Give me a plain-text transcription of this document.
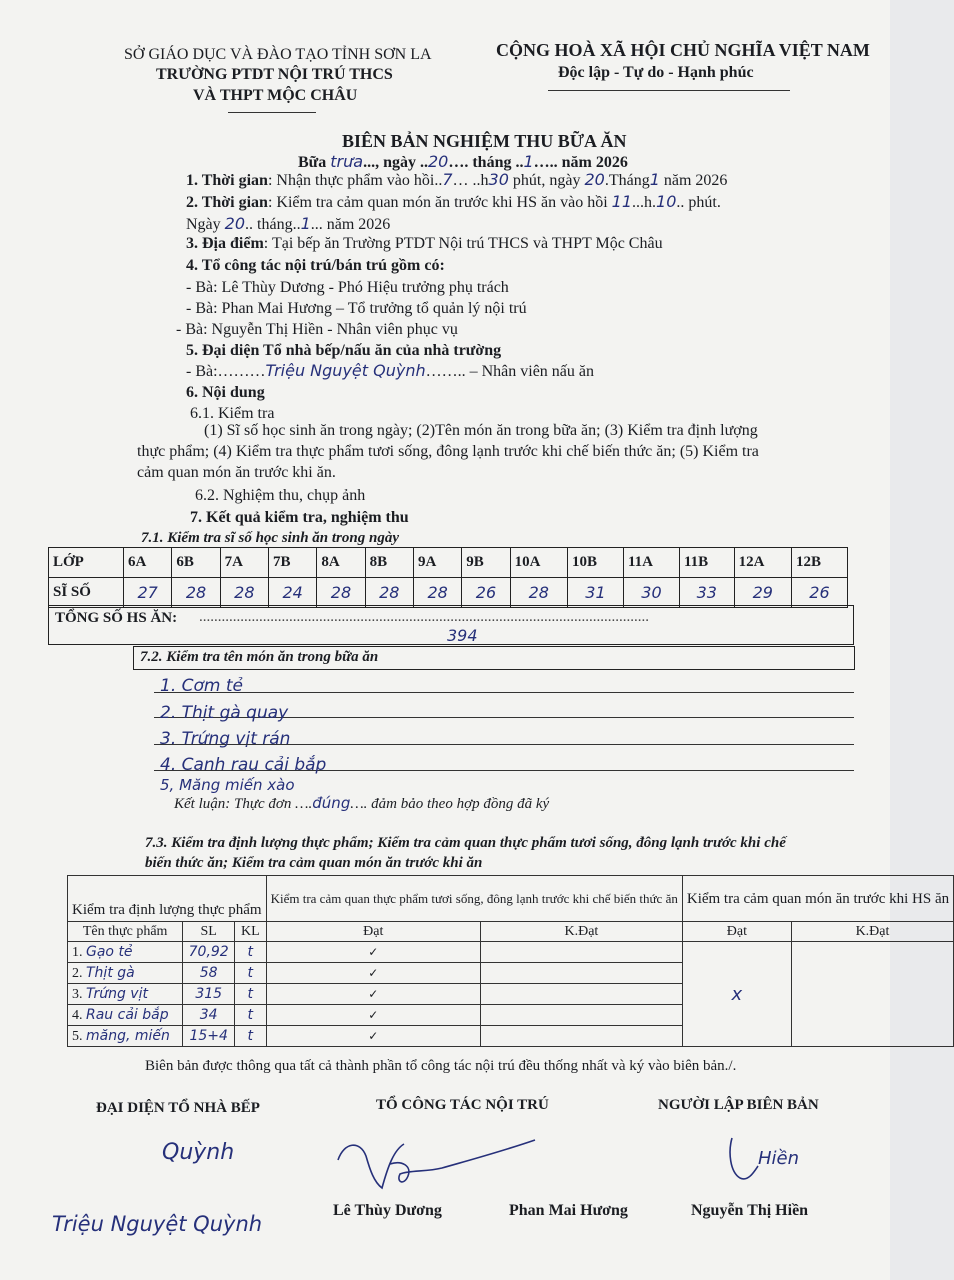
SỞ GIÁO DỤC VÀ ĐÀO TẠO TỈNH SƠN LA
TRƯỜNG PTDT NỘI TRÚ THCS
VÀ THPT MỘC CHÂU
CỘNG HOÀ XÃ HỘI CHỦ NGHĨA VIỆT NAM
Độc lập - Tự do - Hạnh phúc
BIÊN BẢN NGHIỆM THU BỮA ĂN
Bữa trưa..., ngày ..20…. tháng ..1….. năm 2026
1. Thời gian: Nhận thực phẩm vào hồi..7… ..h30 phút, ngày 20.Tháng1 năm 2026
2. Thời gian: Kiểm tra cảm quan món ăn trước khi HS ăn vào hồi 11...h.10.. phút.
Ngày 20.. tháng..1... năm 2026
3. Địa điểm: Tại bếp ăn Trường PTDT Nội trú THCS và THPT Mộc Châu
4. Tổ công tác nội trú/bán trú gồm có:
- Bà: Lê Thùy Dương - Phó Hiệu trưởng phụ trách
- Bà: Phan Mai Hương – Tổ trưởng tổ quản lý nội trú
- Bà: Nguyễn Thị Hiền - Nhân viên phục vụ
5. Đại diện Tổ nhà bếp/nấu ăn của nhà trường
- Bà:………Triệu Nguyệt Quỳnh…….. – Nhân viên nấu ăn
6. Nội dung
6.1. Kiểm tra
(1) Sĩ số học sinh ăn trong ngày; (2)Tên món ăn trong bữa ăn; (3) Kiểm tra định lượng
thực phẩm; (4) Kiểm tra thực phẩm tươi sống, đông lạnh trước khi chế biến thức ăn; (5) Kiểm tra
cảm quan món ăn trước khi ăn.
6.2. Nghiệm thu, chụp ảnh
7. Kết quả kiểm tra, nghiệm thu
7.1. Kiểm tra sĩ số học sinh ăn trong ngày
LỚP	6A	6B	7A	7B	8A	8B	9A	9B	10A	10B	11A	11B	12A	12B
SĨ SỐ	27	28	28	24	28	28	28	26	28	31	30	33	29	26
TỔNG SỐ HS ĂN: ........................................................................................................................
394
7.2. Kiểm tra tên món ăn trong bữa ăn
1. Cơm tẻ
2. Thịt gà quay
3. Trứng vịt rán
4. Canh rau cải bắp
5, Măng miến xào
Kết luận: Thực đơn ….đúng…. đảm bảo theo hợp đồng đã ký
7.3. Kiểm tra định lượng thực phẩm; Kiểm tra cảm quan thực phẩm tươi sống, đông lạnh trước khi chế
biến thức ăn; Kiểm tra cảm quan món ăn trước khi ăn
Kiểm tra định lượng thực phẩm			Kiểm tra cảm quan thực phẩm tươi sống, đông lạnh trước khi chế biến thức ăn		Kiểm tra cảm quan món ăn trước khi HS ăn	
Tên thực phẩm	SL	KL	Đạt	K.Đạt	Đạt	K.Đạt
1. Gạo tẻ	70,92	t	✓		x	
2. Thịt gà	58	t	✓			
3. Trứng vịt	315	t	✓			
4. Rau cải bắp	34	t	✓			
5. măng, miến	15+4	t	✓			
Biên bản được thông qua tất cả thành phần tổ công tác nội trú đều thống nhất và ký vào biên bản./.
ĐẠI DIỆN TỔ NHÀ BẾP	TỔ CÔNG TÁC NỘI TRÚ	NGƯỜI LẬP BIÊN BẢN
Quỳnh	Hiền
Lê Thùy Dương	Phan Mai Hương	Nguyễn Thị Hiền
Triệu Nguyệt Quỳnh
